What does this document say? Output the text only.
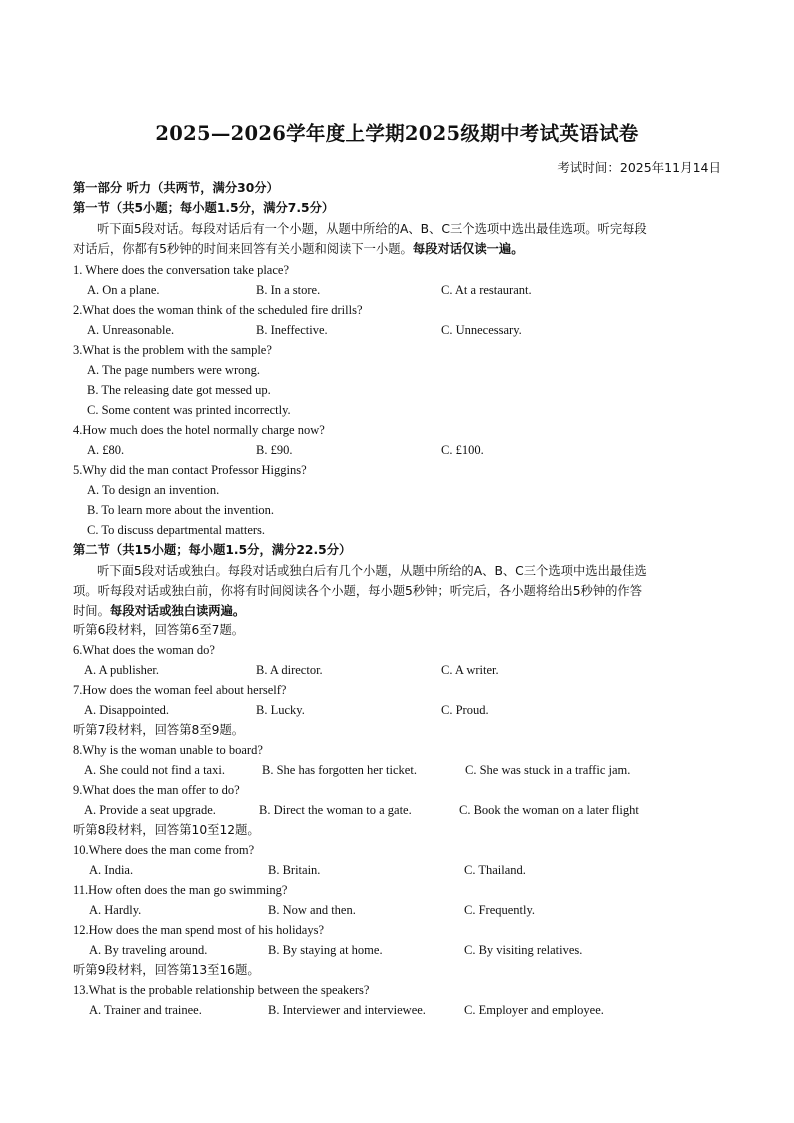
2025—2026学年度上学期2025级期中考试英语试卷
考试时间：2025年11月14日
第一部分 听力（共两节，满分30分）
第一节（共5小题；每小题1.5分，满分7.5分）
听下面5段对话。每段对话后有一个小题，从题中所给的A、B、C三个选项中选出最佳选项。听完每段
对话后，你都有5秒钟的时间来回答有关小题和阅读下一小题。每段对话仅读一遍。
1. Where does the conversation take place?
A. On a plane.	B. In a store.	C. At a restaurant.
2.What does the woman think of the scheduled fire drills?
A. Unreasonable.	B. Ineffective.	C. Unnecessary.
3.What is the problem with the sample?
A. The page numbers were wrong.
B. The releasing date got messed up.
C. Some content was printed incorrectly.
4.How much does the hotel normally charge now?
A. £80.	B. £90.	C. £100.
5.Why did the man contact Professor Higgins?
A. To design an invention.
B. To learn more about the invention.
C. To discuss departmental matters.
第二节（共15小题；每小题1.5分，满分22.5分）
听下面5段对话或独白。每段对话或独白后有几个小题，从题中所给的A、B、C三个选项中选出最佳选
项。听每段对话或独白前，你将有时间阅读各个小题，每小题5秒钟；听完后，各小题将给出5秒钟的作答
时间。每段对话或独白读两遍。
听第6段材料，回答第6至7题。
6.What does the woman do?
A. A publisher.	B. A director.	C. A writer.
7.How does the woman feel about herself?
A. Disappointed.	B. Lucky.	C. Proud.
听第7段材料，回答第8至9题。
8.Why is the woman unable to board?
A. She could not find a taxi.	B. She has forgotten her ticket.	C. She was stuck in a traffic jam.
9.What does the man offer to do?
A. Provide a seat upgrade.	B. Direct the woman to a gate.	C. Book the woman on a later flight
听第8段材料，回答第10至12题。
10.Where does the man come from?
A. India.	B. Britain.	C. Thailand.
11.How often does the man go swimming?
A. Hardly.	B. Now and then.	C. Frequently.
12.How does the man spend most of his holidays?
A. By traveling around.	B. By staying at home.	C. By visiting relatives.
听第9段材料，回答第13至16题。
13.What is the probable relationship between the speakers?
A. Trainer and trainee.	B. Interviewer and interviewee.	C. Employer and employee.
